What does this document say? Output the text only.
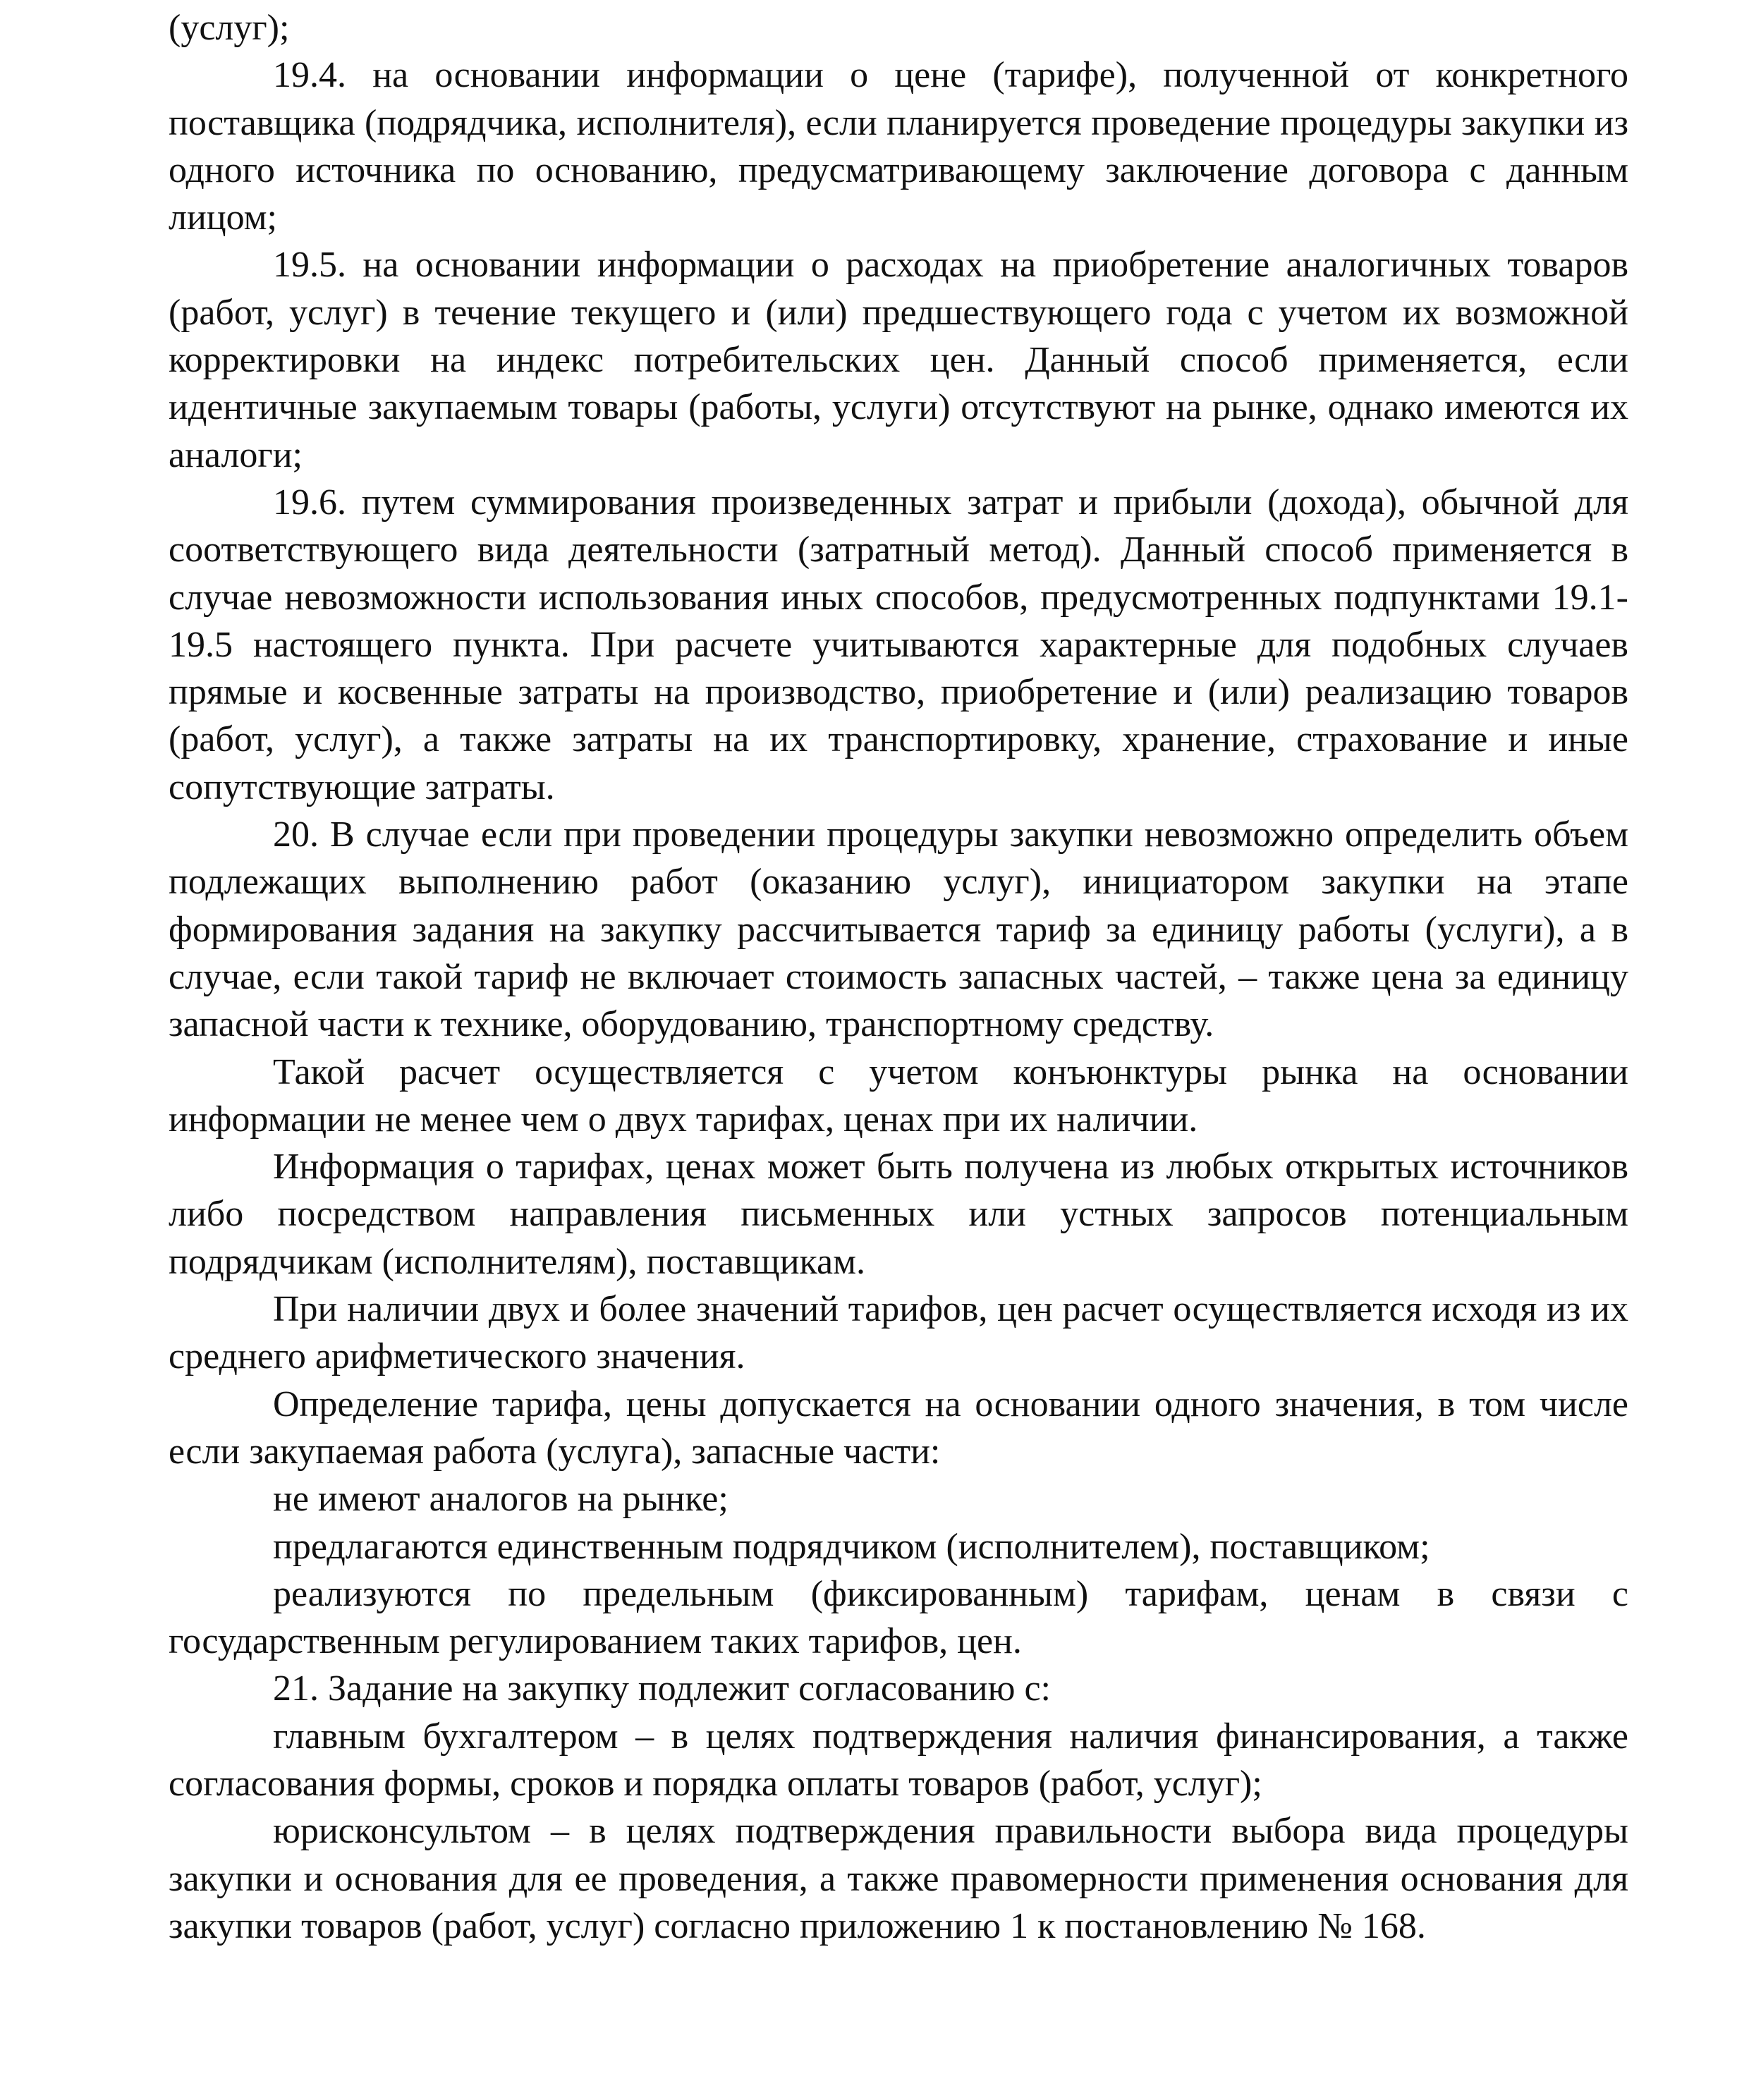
(услуг);

19.4. на основании информации о цене (тарифе), полученной от конкретного поставщика (подрядчика, исполнителя), если планируется проведение процедуры закупки из одного источника по основанию, предусматривающему заключение договора с данным лицом;

19.5. на основании информации о расходах на приобретение аналогичных товаров (работ, услуг) в течение текущего и (или) предшествующего года с учетом их возможной корректировки на индекс потребительских цен. Данный способ применяется, если идентичные закупаемым товары (работы, услуги) отсутствуют на рынке, однако имеются их аналоги;

19.6. путем суммирования произведенных затрат и прибыли (дохода), обычной для соответствующего вида деятельности (затратный метод). Данный способ применяется в случае невозможности использования иных способов, предусмотренных подпунктами 19.1-19.5 настоящего пункта. При расчете учитываются характерные для подобных случаев прямые и косвенные затраты на производство, приобретение и (или) реализацию товаров (работ, услуг), а также затраты на их транспортировку, хранение, страхование и иные сопутствующие затраты.

20. В случае если при проведении процедуры закупки невозможно определить объем подлежащих выполнению работ (оказанию услуг), инициатором закупки на этапе формирования задания на закупку рассчитывается тариф за единицу работы (услуги), а в случае, если такой тариф не включает стоимость запасных частей, – также цена за единицу запасной части к технике, оборудованию, транспортному средству.

Такой расчет осуществляется с учетом конъюнктуры рынка на основании информации не менее чем о двух тарифах, ценах при их наличии.

Информация о тарифах, ценах может быть получена из любых открытых источников либо посредством направления письменных или устных запросов потенциальным подрядчикам (исполнителям), поставщикам.

При наличии двух и более значений тарифов, цен расчет осуществляется исходя из их среднего арифметического значения.

Определение тарифа, цены допускается на основании одного значения, в том числе если закупаемая работа (услуга), запасные части:

не имеют аналогов на рынке;

предлагаются единственным подрядчиком (исполнителем), поставщиком;

реализуются по предельным (фиксированным) тарифам, ценам в связи с государственным регулированием таких тарифов, цен.

21. Задание на закупку подлежит согласованию с:

главным бухгалтером – в целях подтверждения наличия финансирования, а также согласования формы, сроков и порядка оплаты товаров (работ, услуг);

юрисконсультом – в целях подтверждения правильности выбора вида процедуры закупки и основания для ее проведения, а также правомерности применения основания для закупки товаров (работ, услуг) согласно приложению 1 к постановлению № 168.
